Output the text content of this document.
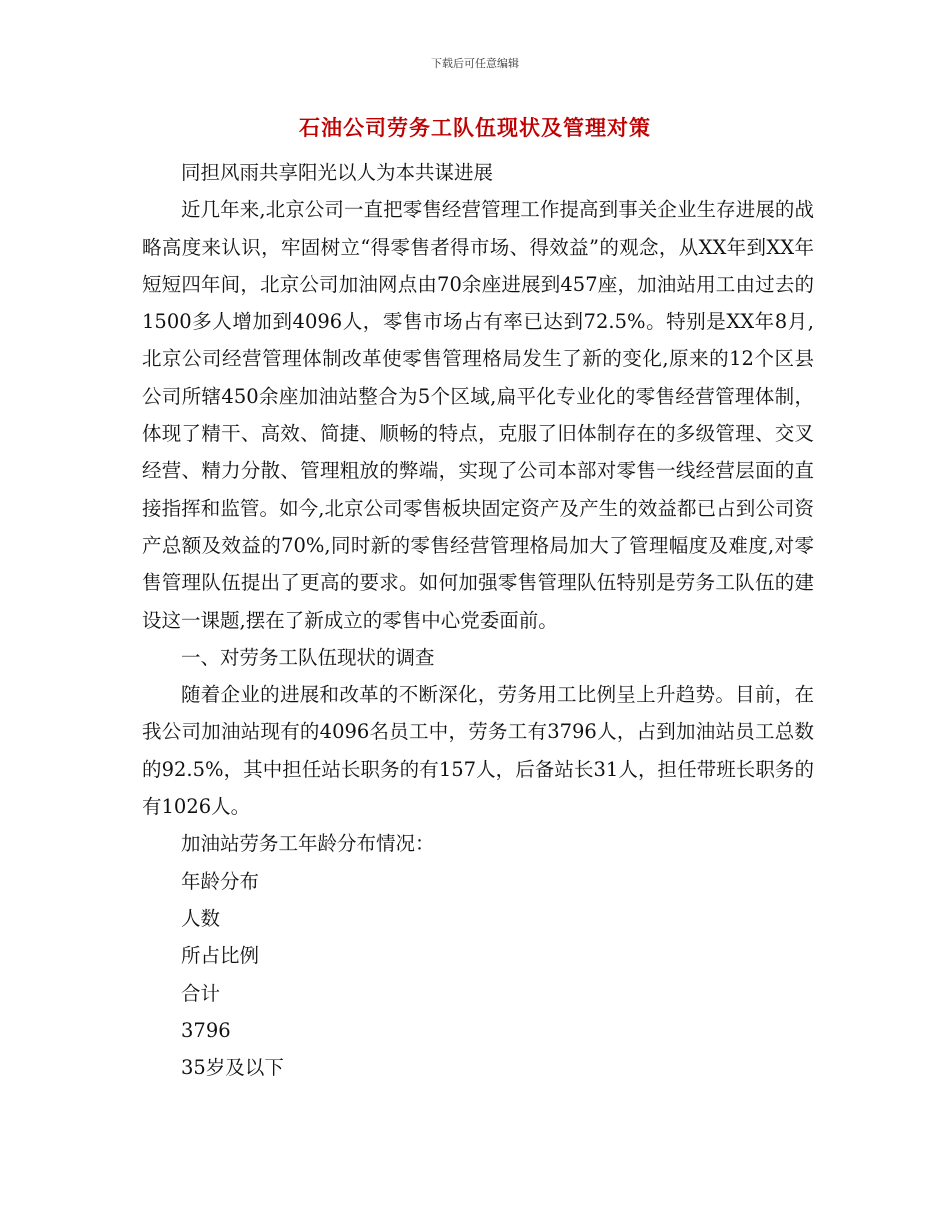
下载后可任意编辑
石油公司劳务工队伍现状及管理对策

同担风雨共享阳光以人为本共谋进展

近几年来,北京公司一直把零售经营管理工作提高到事关企业生存进展的战略高度来认识，牢固树立“得零售者得市场、得效益”的观念，从XX年到XX年短短四年间，北京公司加油网点由70余座进展到457座，加油站用工由过去的1500多人增加到4096人，零售市场占有率已达到72.5%。特别是XX年8月,北京公司经营管理体制改革使零售管理格局发生了新的变化,原来的12个区县公司所辖450余座加油站整合为5个区域,扁平化专业化的零售经营管理体制，体现了精干、高效、简捷、顺畅的特点，克服了旧体制存在的多级管理、交叉经营、精力分散、管理粗放的弊端，实现了公司本部对零售一线经营层面的直接指挥和监管。如今,北京公司零售板块固定资产及产生的效益都已占到公司资产总额及效益的70%,同时新的零售经营管理格局加大了管理幅度及难度,对零售管理队伍提出了更高的要求。如何加强零售管理队伍特别是劳务工队伍的建设这一课题,摆在了新成立的零售中心党委面前。

一、对劳务工队伍现状的调查

随着企业的进展和改革的不断深化，劳务用工比例呈上升趋势。目前，在我公司加油站现有的4096名员工中，劳务工有3796人，占到加油站员工总数的92.5%，其中担任站长职务的有157人，后备站长31人，担任带班长职务的有1026人。

加油站劳务工年龄分布情况：

年龄分布

人数

所占比例

合计

3796

35岁及以下
